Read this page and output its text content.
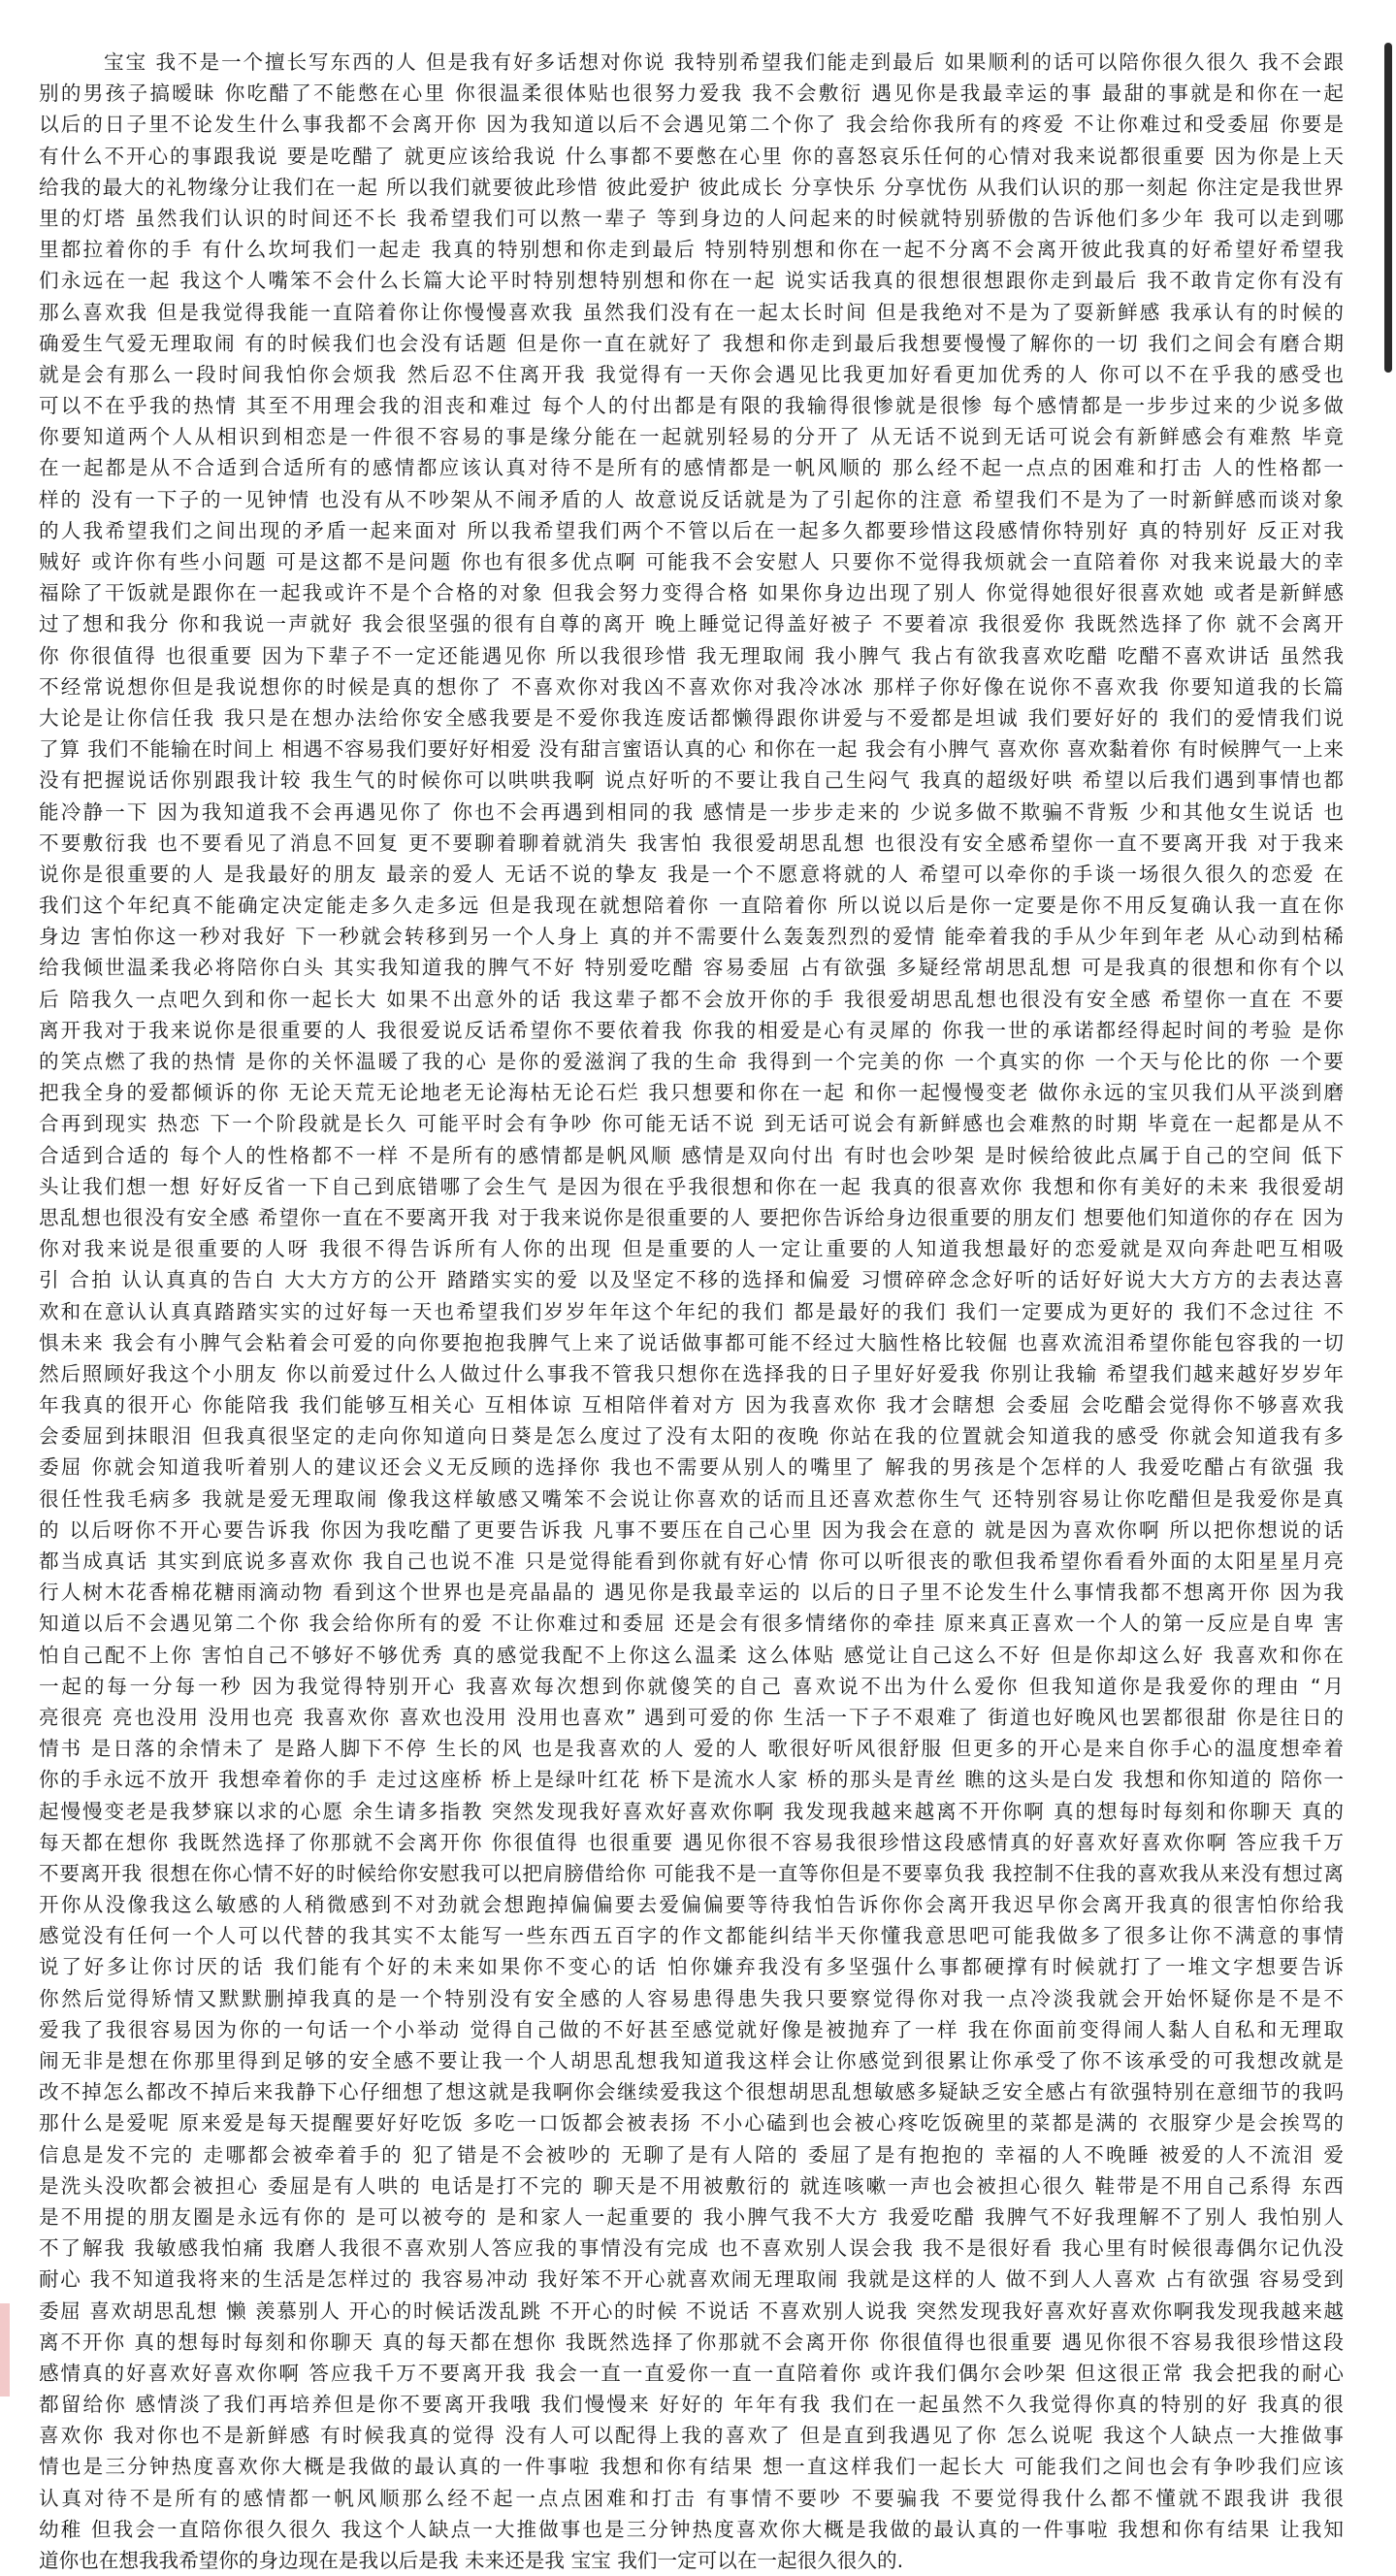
宝宝 我不是一个擅长写东西的人 但是我有好多话想对你说 我特别希望我们能走到最后 如果顺利的话可以陪你很久很久 我不会跟
别的男孩子搞暧昧 你吃醋了不能憋在心里 你很温柔很体贴也很努力爱我 我不会敷衍 遇见你是我最幸运的事 最甜的事就是和你在一起
以后的日子里不论发生什么事我都不会离开你 因为我知道以后不会遇见第二个你了 我会给你我所有的疼爱 不让你难过和受委屈 你要是
有什么不开心的事跟我说 要是吃醋了 就更应该给我说 什么事都不要憋在心里 你的喜怒哀乐任何的心情对我来说都很重要 因为你是上天
给我的最大的礼物缘分让我们在一起 所以我们就要彼此珍惜 彼此爱护 彼此成长 分享快乐 分享忧伤 从我们认识的那一刻起 你注定是我世界
里的灯塔 虽然我们认识的时间还不长 我希望我们可以熬一辈子 等到身边的人问起来的时候就特别骄傲的告诉他们多少年 我可以走到哪
里都拉着你的手 有什么坎坷我们一起走 我真的特别想和你走到最后 特别特别想和你在一起不分离不会离开彼此我真的好希望好希望我
们永远在一起 我这个人嘴笨不会什么长篇大论平时特别想特别想和你在一起 说实话我真的很想很想跟你走到最后 我不敢肯定你有没有
那么喜欢我 但是我觉得我能一直陪着你让你慢慢喜欢我 虽然我们没有在一起太长时间 但是我绝对不是为了耍新鲜感 我承认有的时候的
确爱生气爱无理取闹 有的时候我们也会没有话题 但是你一直在就好了 我想和你走到最后我想要慢慢了解你的一切 我们之间会有磨合期
就是会有那么一段时间我怕你会烦我 然后忍不住离开我 我觉得有一天你会遇见比我更加好看更加优秀的人 你可以不在乎我的感受也
可以不在乎我的热情 其至不用理会我的泪丧和难过 每个人的付出都是有限的我输得很惨就是很惨 每个感情都是一步步过来的少说多做
你要知道两个人从相识到相恋是一件很不容易的事是缘分能在一起就别轻易的分开了 从无话不说到无话可说会有新鲜感会有难熬 毕竟
在一起都是从不合适到合适所有的感情都应该认真对待不是所有的感情都是一帆风顺的 那么经不起一点点的困难和打击 人的性格都一
样的 没有一下子的一见钟情 也没有从不吵架从不闹矛盾的人 故意说反话就是为了引起你的注意 希望我们不是为了一时新鲜感而谈对象
的人我希望我们之间出现的矛盾一起来面对 所以我希望我们两个不管以后在一起多久都要珍惜这段感情你特别好 真的特别好 反正对我
贼好 或许你有些小问题 可是这都不是问题 你也有很多优点啊 可能我不会安慰人 只要你不觉得我烦就会一直陪着你 对我来说最大的幸
福除了干饭就是跟你在一起我或许不是个合格的对象 但我会努力变得合格 如果你身边出现了别人 你觉得她很好很喜欢她 或者是新鲜感
过了想和我分 你和我说一声就好 我会很坚强的很有自尊的离开 晚上睡觉记得盖好被子 不要着凉 我很爱你 我既然选择了你 就不会离开
你 你很值得 也很重要 因为下辈子不一定还能遇见你 所以我很珍惜 我无理取闹 我小脾气 我占有欲我喜欢吃醋 吃醋不喜欢讲话 虽然我
不经常说想你但是我说想你的时候是真的想你了 不喜欢你对我凶不喜欢你对我冷冰冰 那样子你好像在说你不喜欢我 你要知道我的长篇
大论是让你信任我 我只是在想办法给你安全感我要是不爱你我连废话都懒得跟你讲爱与不爱都是坦诚 我们要好好的 我们的爱情我们说
了算 我们不能输在时间上 相遇不容易我们要好好相爱 没有甜言蜜语认真的心 和你在一起 我会有小脾气 喜欢你 喜欢黏着你 有时候脾气一上来
没有把握说话你别跟我计较 我生气的时候你可以哄哄我啊 说点好听的不要让我自己生闷气 我真的超级好哄 希望以后我们遇到事情也都
能冷静一下 因为我知道我不会再遇见你了 你也不会再遇到相同的我 感情是一步步走来的 少说多做不欺骗不背叛 少和其他女生说话 也
不要敷衍我 也不要看见了消息不回复 更不要聊着聊着就消失 我害怕 我很爱胡思乱想 也很没有安全感希望你一直不要离开我 对于我来
说你是很重要的人 是我最好的朋友 最亲的爱人 无话不说的挚友 我是一个不愿意将就的人 希望可以牵你的手谈一场很久很久的恋爱 在
我们这个年纪真不能确定决定能走多久走多远 但是我现在就想陪着你 一直陪着你 所以说以后是你一定要是你不用反复确认我一直在你
身边 害怕你这一秒对我好 下一秒就会转移到另一个人身上 真的并不需要什么轰轰烈烈的爱情 能牵着我的手从少年到年老 从心动到枯稀
给我倾世温柔我必将陪你白头 其实我知道我的脾气不好 特别爱吃醋 容易委屈 占有欲强 多疑经常胡思乱想 可是我真的很想和你有个以
后 陪我久一点吧久到和你一起长大 如果不出意外的话 我这辈子都不会放开你的手 我很爱胡思乱想也很没有安全感 希望你一直在 不要
离开我对于我来说你是很重要的人 我很爱说反话希望你不要依着我 你我的相爱是心有灵犀的 你我一世的承诺都经得起时间的考验 是你
的笑点燃了我的热情 是你的关怀温暖了我的心 是你的爱滋润了我的生命 我得到一个完美的你 一个真实的你 一个天与伦比的你 一个要
把我全身的爱都倾诉的你 无论天荒无论地老无论海枯无论石烂 我只想要和你在一起 和你一起慢慢变老 做你永远的宝贝我们从平淡到磨
合再到现实 热恋 下一个阶段就是长久 可能平时会有争吵 你可能无话不说 到无话可说会有新鲜感也会难熬的时期 毕竟在一起都是从不
合适到合适的 每个人的性格都不一样 不是所有的感情都是帆风顺 感情是双向付出 有时也会吵架 是时候给彼此点属于自己的空间 低下
头让我们想一想 好好反省一下自己到底错哪了会生气 是因为很在乎我很想和你在一起 我真的很喜欢你 我想和你有美好的未来 我很爱胡
思乱想也很没有安全感 希望你一直在不要离开我 对于我来说你是很重要的人 要把你告诉给身边很重要的朋友们 想要他们知道你的存在 因为
你对我来说是很重要的人呀 我很不得告诉所有人你的出现 但是重要的人一定让重要的人知道我想最好的恋爱就是双向奔赴吧互相吸
引 合拍 认认真真的告白 大大方方的公开 踏踏实实的爱 以及坚定不移的选择和偏爱 习惯碎碎念念好听的话好好说大大方方的去表达喜
欢和在意认认真真踏踏实实的过好每一天也希望我们岁岁年年这个年纪的我们 都是最好的我们 我们一定要成为更好的 我们不念过往 不
惧未来 我会有小脾气会粘着会可爱的向你要抱抱我脾气上来了说话做事都可能不经过大脑性格比较倔 也喜欢流泪希望你能包容我的一切
然后照顾好我这个小朋友 你以前爱过什么人做过什么事我不管我只想你在选择我的日子里好好爱我 你别让我输 希望我们越来越好岁岁年
年我真的很开心 你能陪我 我们能够互相关心 互相体谅 互相陪伴着对方 因为我喜欢你 我才会瞎想 会委屈 会吃醋会觉得你不够喜欢我
会委屈到抹眼泪 但我真很坚定的走向你知道向日葵是怎么度过了没有太阳的夜晚 你站在我的位置就会知道我的感受 你就会知道我有多
委屈 你就会知道我听着别人的建议还会义无反顾的选择你 我也不需要从别人的嘴里了 解我的男孩是个怎样的人 我爱吃醋占有欲强 我
很任性我毛病多 我就是爱无理取闹 像我这样敏感又嘴笨不会说让你喜欢的话而且还喜欢惹你生气 还特别容易让你吃醋但是我爱你是真
的 以后呀你不开心要告诉我 你因为我吃醋了更要告诉我 凡事不要压在自己心里 因为我会在意的 就是因为喜欢你啊 所以把你想说的话
都当成真话 其实到底说多喜欢你 我自己也说不准 只是觉得能看到你就有好心情 你可以听很丧的歌但我希望你看看外面的太阳星星月亮
行人树木花香棉花糖雨滴动物 看到这个世界也是亮晶晶的 遇见你是我最幸运的 以后的日子里不论发生什么事情我都不想离开你 因为我
知道以后不会遇见第二个你 我会给你所有的爱 不让你难过和委屈 还是会有很多情绪你的牵挂 原来真正喜欢一个人的第一反应是自卑 害
怕自己配不上你 害怕自己不够好不够优秀 真的感觉我配不上你这么温柔 这么体贴 感觉让自己这么不好 但是你却这么好 我喜欢和你在
一起的每一分每一秒 因为我觉得特别开心 我喜欢每次想到你就傻笑的自己 喜欢说不出为什么爱你 但我知道你是我爱你的理由 “月
亮很亮 亮也没用 没用也亮 我喜欢你 喜欢也没用 没用也喜欢” 遇到可爱的你 生活一下子不艰难了 街道也好晚风也罢都很甜 你是往日的
情书 是日落的余情未了 是路人脚下不停 生长的风 也是我喜欢的人 爱的人 歌很好听风很舒服 但更多的开心是来自你手心的温度想牵着
你的手永远不放开 我想牵着你的手 走过这座桥 桥上是绿叶红花 桥下是流水人家 桥的那头是青丝 瞧的这头是白发 我想和你知道的 陪你一
起慢慢变老是我梦寐以求的心愿 余生请多指教 突然发现我好喜欢好喜欢你啊 我发现我越来越离不开你啊 真的想每时每刻和你聊天 真的
每天都在想你 我既然选择了你那就不会离开你 你很值得 也很重要 遇见你很不容易我很珍惜这段感情真的好喜欢好喜欢你啊 答应我千万
不要离开我 很想在你心情不好的时候给你安慰我可以把肩膀借给你 可能我不是一直等你但是不要辜负我 我控制不住我的喜欢我从来没有想过离
开你从没像我这么敏感的人稍微感到不对劲就会想跑掉偏偏要去爱偏偏要等待我怕告诉你你会离开我迟早你会离开我真的很害怕你给我
感觉没有任何一个人可以代替的我其实不太能写一些东西五百字的作文都能纠结半天你懂我意思吧可能我做多了很多让你不满意的事情
说了好多让你讨厌的话 我们能有个好的未来如果你不变心的话 怕你嫌弃我没有多坚强什么事都硬撑有时候就打了一堆文字想要告诉
你然后觉得矫情又默默删掉我真的是一个特别没有安全感的人容易患得患失我只要察觉得你对我一点冷淡我就会开始怀疑你是不是不
爱我了我很容易因为你的一句话一个小举动 觉得自己做的不好甚至感觉就好像是被抛弃了一样 我在你面前变得闹人黏人自私和无理取
闹无非是想在你那里得到足够的安全感不要让我一个人胡思乱想我知道我这样会让你感觉到很累让你承受了你不该承受的可我想改就是
改不掉怎么都改不掉后来我静下心仔细想了想这就是我啊你会继续爱我这个很想胡思乱想敏感多疑缺乏安全感占有欲强特别在意细节的我吗
那什么是爱呢 原来爱是每天提醒要好好吃饭 多吃一口饭都会被表扬 不小心磕到也会被心疼吃饭碗里的菜都是满的 衣服穿少是会挨骂的
信息是发不完的 走哪都会被牵着手的 犯了错是不会被吵的 无聊了是有人陪的 委屈了是有抱抱的 幸福的人不晚睡 被爱的人不流泪 爱
是洗头没吹都会被担心 委屈是有人哄的 电话是打不完的 聊天是不用被敷衍的 就连咳嗽一声也会被担心很久 鞋带是不用自己系得 东西
是不用提的朋友圈是永远有你的 是可以被夸的 是和家人一起重要的 我小脾气我不大方 我爱吃醋 我脾气不好我理解不了别人 我怕别人
不了解我 我敏感我怕痛 我磨人我很不喜欢别人答应我的事情没有完成 也不喜欢别人误会我 我不是很好看 我心里有时候很毒偶尔记仇没
耐心 我不知道我将来的生活是怎样过的 我容易冲动 我好笨不开心就喜欢闹无理取闹 我就是这样的人 做不到人人喜欢 占有欲强 容易受到
委屈 喜欢胡思乱想 懒 羡慕别人 开心的时候话泼乱跳 不开心的时候 不说话 不喜欢别人说我 突然发现我好喜欢好喜欢你啊我发现我越来越
离不开你 真的想每时每刻和你聊天 真的每天都在想你 我既然选择了你那就不会离开你 你很值得也很重要 遇见你很不容易我很珍惜这段
感情真的好喜欢好喜欢你啊 答应我千万不要离开我 我会一直一直爱你一直一直陪着你 或许我们偶尔会吵架 但这很正常 我会把我的耐心
都留给你 感情淡了我们再培养但是你不要离开我哦 我们慢慢来 好好的 年年有我 我们在一起虽然不久我觉得你真的特别的好 我真的很
喜欢你 我对你也不是新鲜感 有时候我真的觉得 没有人可以配得上我的喜欢了 但是直到我遇见了你 怎么说呢 我这个人缺点一大推做事
情也是三分钟热度喜欢你大概是我做的最认真的一件事啦 我想和你有结果 想一直这样我们一起长大 可能我们之间也会有争吵我们应该
认真对待不是所有的感情都一帆风顺那么经不起一点点困难和打击 有事情不要吵 不要骗我 不要觉得我什么都不懂就不跟我讲 我很
幼稚 但我会一直陪你很久很久 我这个人缺点一大推做事也是三分钟热度喜欢你大概是我做的最认真的一件事啦 我想和你有结果 让我知
道你也在想我我希望你的身边现在是我以后是我 未来还是我 宝宝 我们一定可以在一起很久很久的.
